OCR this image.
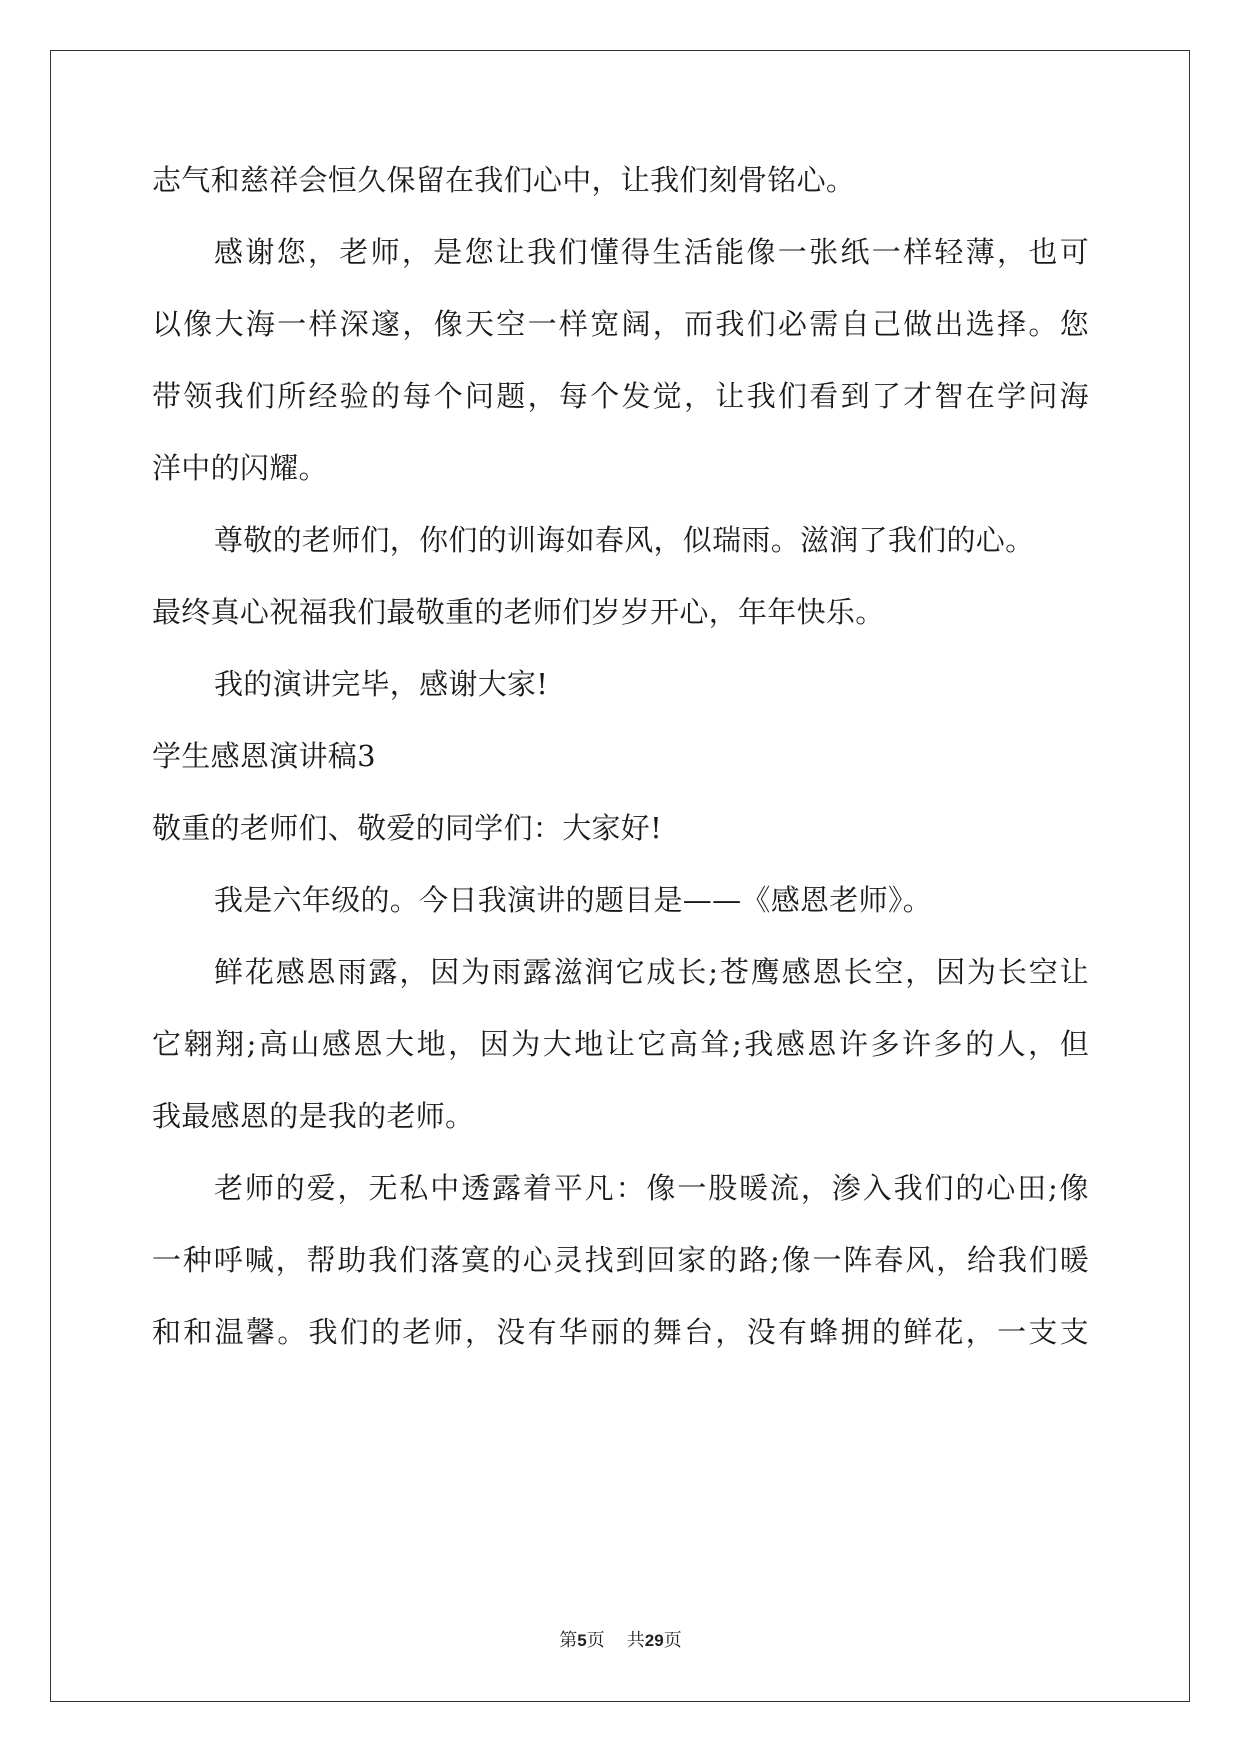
志气和慈祥会恒久保留在我们心中，让我们刻骨铭心。
感谢您，老师，是您让我们懂得生活能像一张纸一样轻薄，也可
以像大海一样深邃，像天空一样宽阔，而我们必需自己做出选择。您
带领我们所经验的每个问题，每个发觉，让我们看到了才智在学问海
洋中的闪耀。
尊敬的老师们，你们的训诲如春风，似瑞雨。滋润了我们的心。
最终真心祝福我们最敬重的老师们岁岁开心，年年快乐。
我的演讲完毕，感谢大家!
学生感恩演讲稿3
敬重的老师们、敬爱的同学们：大家好!
我是六年级的。今日我演讲的题目是——《感恩老师》。
鲜花感恩雨露，因为雨露滋润它成长;苍鹰感恩长空，因为长空让
它翱翔;高山感恩大地，因为大地让它高耸;我感恩许多许多的人，但
我最感恩的是我的老师。
老师的爱，无私中透露着平凡：像一股暖流，渗入我们的心田;像
一种呼喊，帮助我们落寞的心灵找到回家的路;像一阵春风，给我们暖
和和温馨。我们的老师，没有华丽的舞台，没有蜂拥的鲜花，一支支
第5页 共29页
